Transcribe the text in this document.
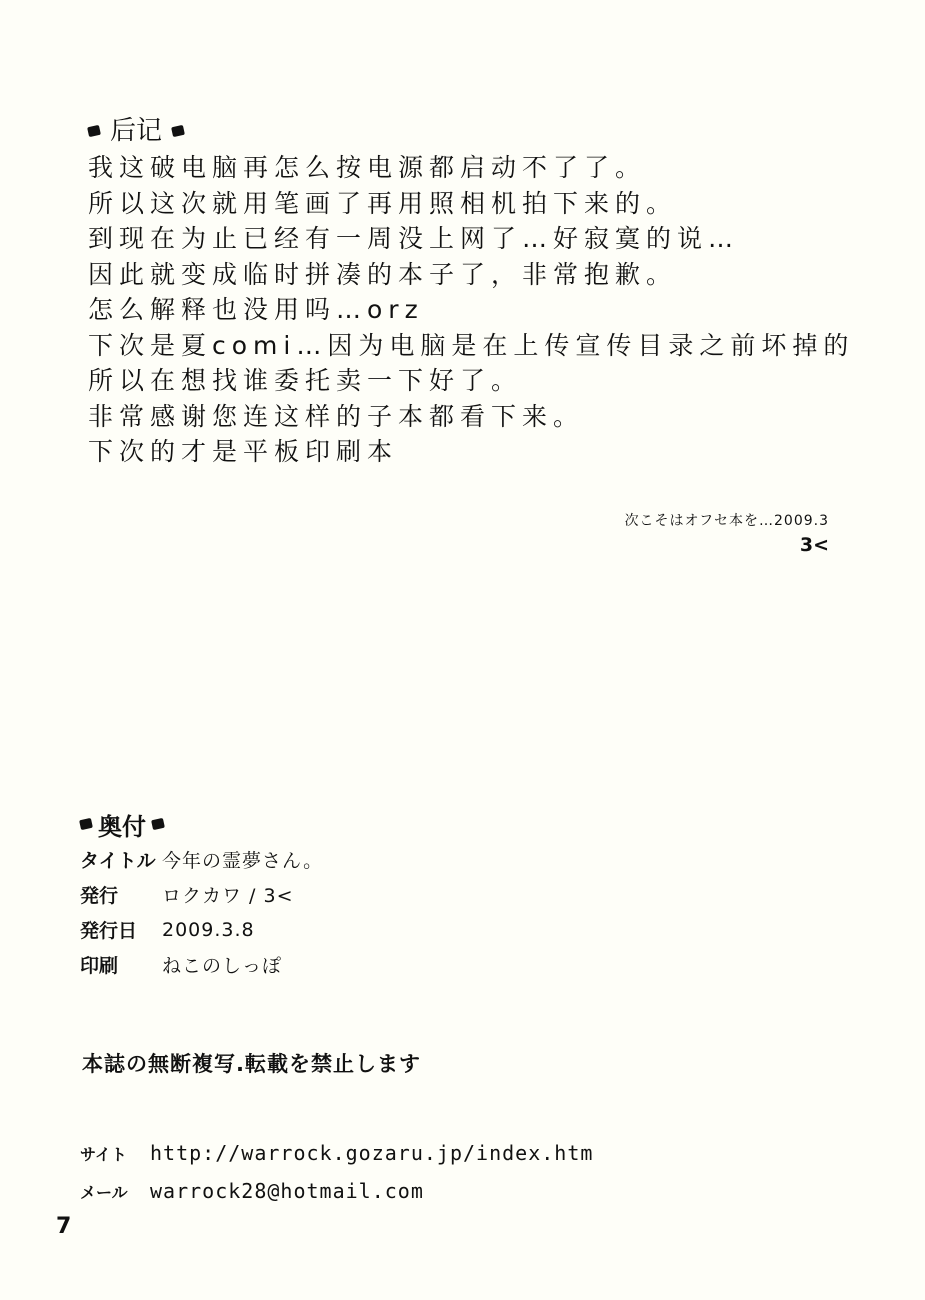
后记
我这破电脑再怎么按电源都启动不了了。
所以这次就用笔画了再用照相机拍下来的。
到现在为止已经有一周没上网了…好寂寞的说…
因此就变成临时拼凑的本子了，非常抱歉。
怎么解释也没用吗…orz
下次是夏comi…因为电脑是在上传宣传目录之前坏掉的
所以在想找谁委托卖一下好了。
非常感谢您连这样的子本都看下来。
下次的才是平板印刷本
次こそはオフセ本を…2009.3
3<
奥付
タイトル 今年の霊夢さん。
発行	ロクカワ / 3<
発行日	2009.3.8
印刷	ねこのしっぽ
本誌の無断複写.転載を禁止します
サイト	http://warrock.gozaru.jp/index.htm
メール	warrock28@hotmail.com
7
